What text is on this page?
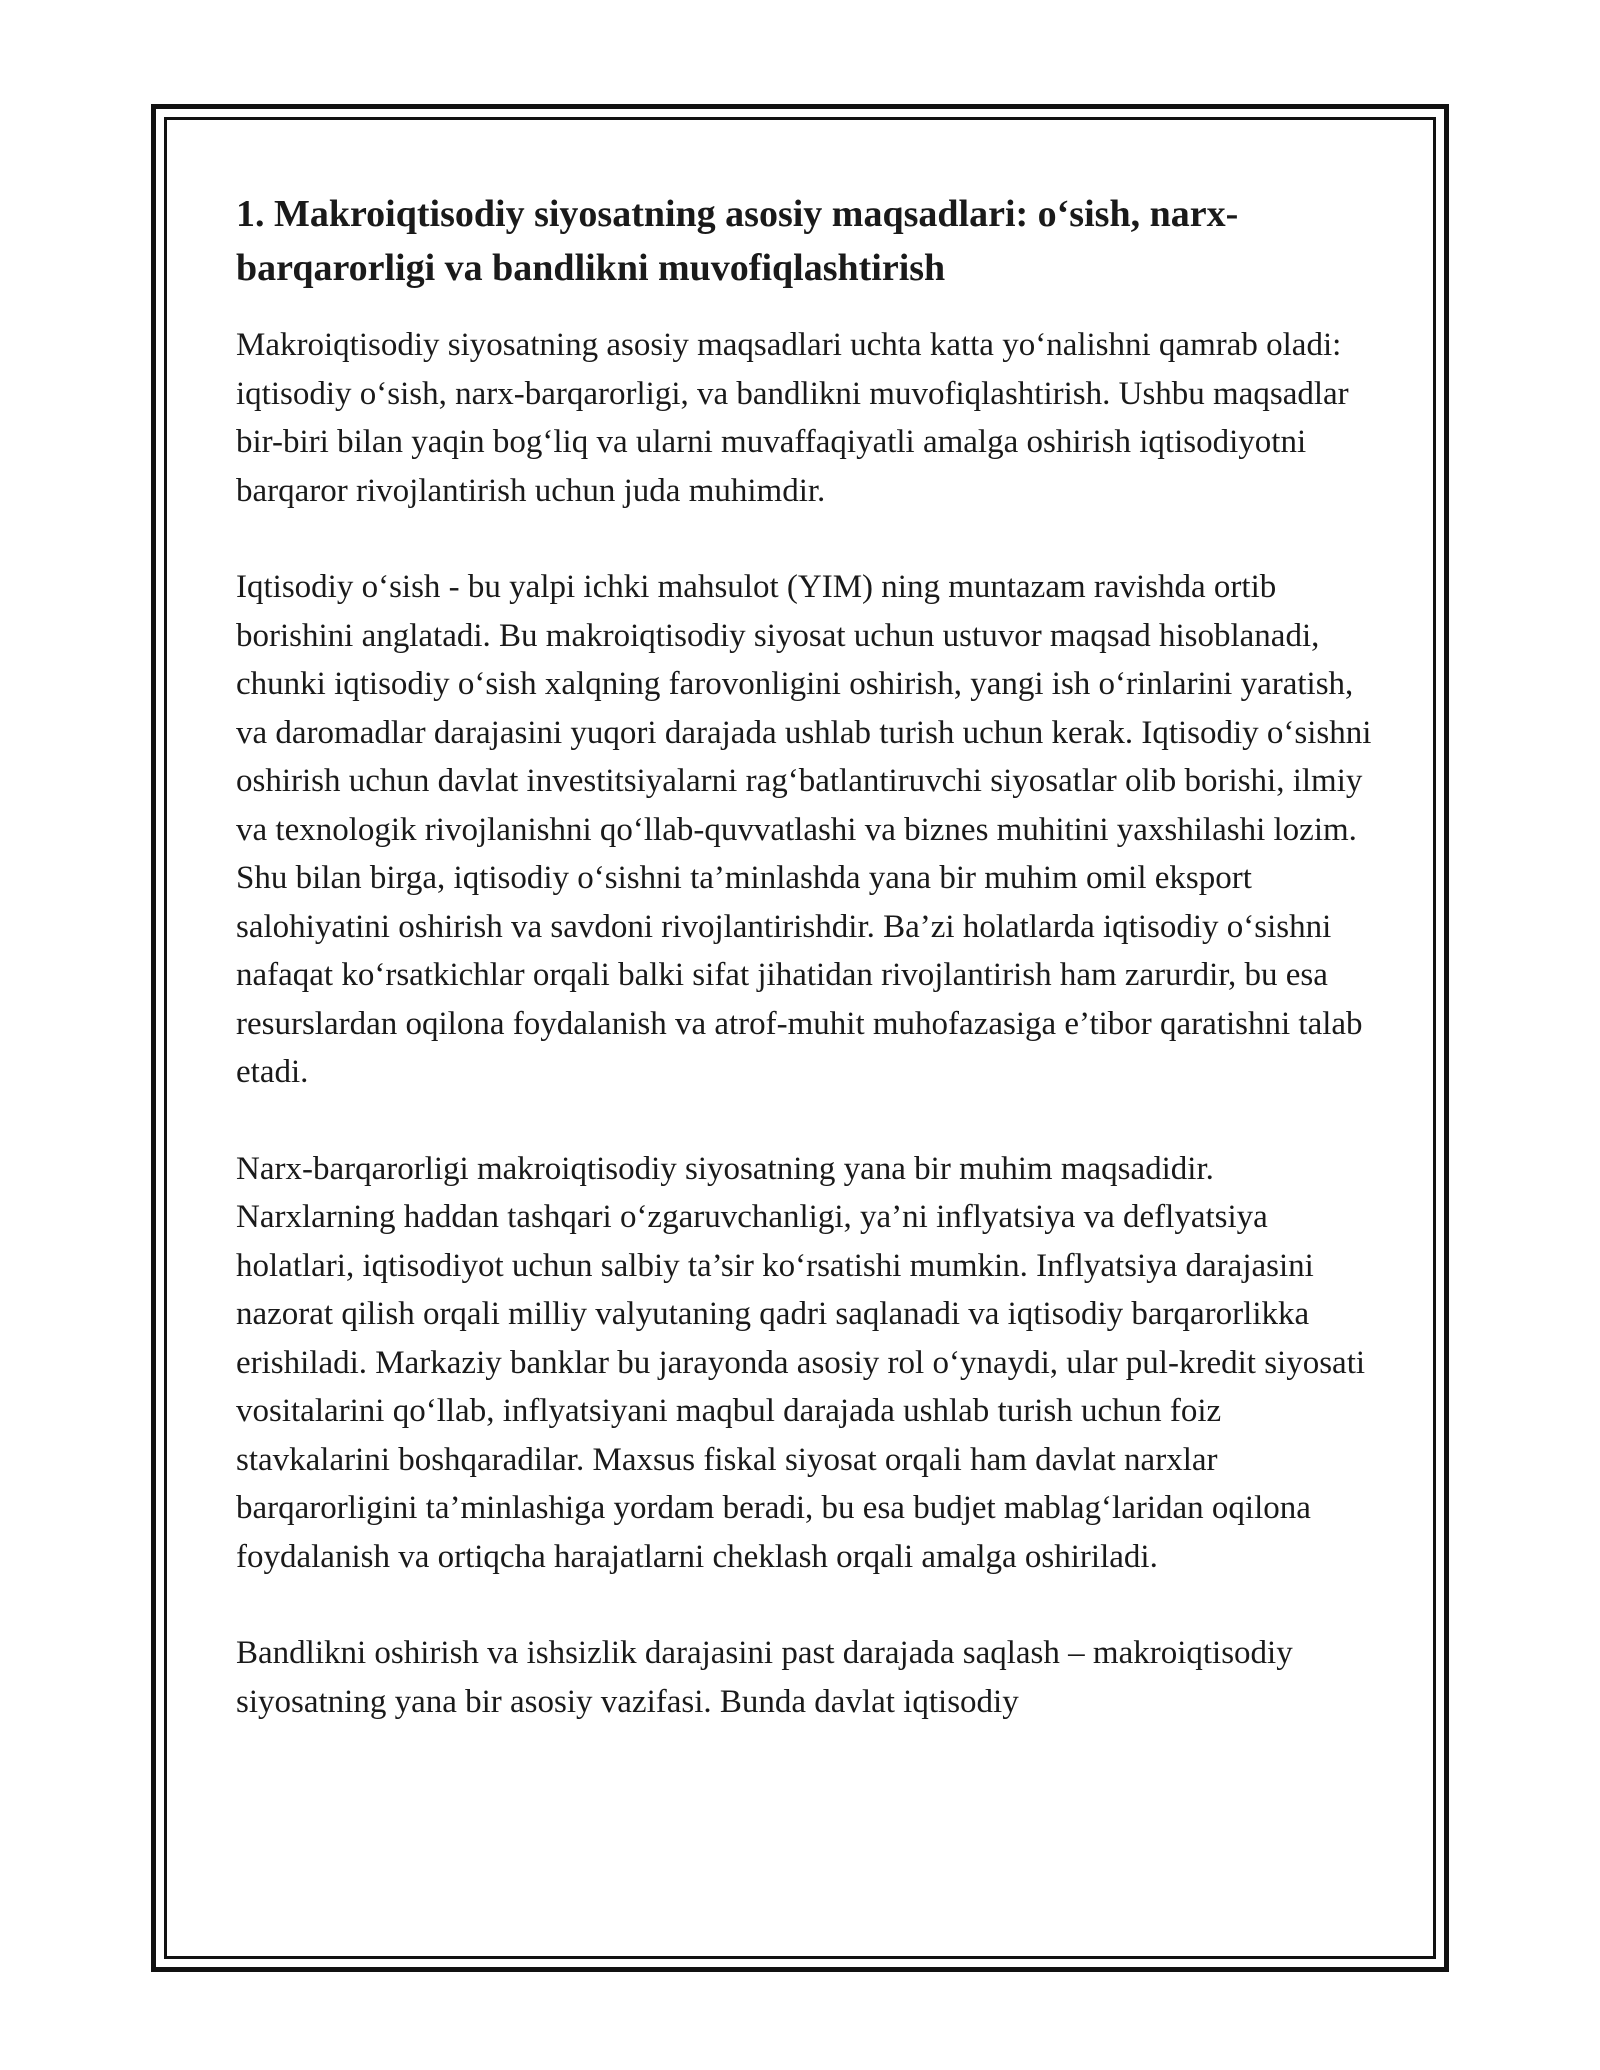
1. Makroiqtisodiy siyosatning asosiy maqsadlari: o‘sish, narx-barqarorligi va bandlikni muvofiqlashtirish

Makroiqtisodiy siyosatning asosiy maqsadlari uchta katta yo‘nalishni qamrab oladi: iqtisodiy o‘sish, narx-barqarorligi, va bandlikni muvofiqlashtirish. Ushbu maqsadlar bir-biri bilan yaqin bog‘liq va ularni muvaffaqiyatli amalga oshirish iqtisodiyotni barqaror rivojlantirish uchun juda muhimdir.

Iqtisodiy o‘sish - bu yalpi ichki mahsulot (YIM) ning muntazam ravishda ortib borishini anglatadi. Bu makroiqtisodiy siyosat uchun ustuvor maqsad hisoblanadi, chunki iqtisodiy o‘sish xalqning farovonligini oshirish, yangi ish o‘rinlarini yaratish, va daromadlar darajasini yuqori darajada ushlab turish uchun kerak. Iqtisodiy o‘sishni oshirish uchun davlat investitsiyalarni rag‘batlantiruvchi siyosatlar olib borishi, ilmiy va texnologik rivojlanishni qo‘llab-quvvatlashi va biznes muhitini yaxshilashi lozim. Shu bilan birga, iqtisodiy o‘sishni ta’minlashda yana bir muhim omil eksport salohiyatini oshirish va savdoni rivojlantirishdir. Ba’zi holatlarda iqtisodiy o‘sishni nafaqat ko‘rsatkichlar orqali balki sifat jihatidan rivojlantirish ham zarurdir, bu esa resurslardan oqilona foydalanish va atrof-muhit muhofazasiga e’tibor qaratishni talab etadi.

Narx-barqarorligi makroiqtisodiy siyosatning yana bir muhim maqsadidir. Narxlarning haddan tashqari o‘zgaruvchanligi, ya’ni inflyatsiya va deflyatsiya holatlari, iqtisodiyot uchun salbiy ta’sir ko‘rsatishi mumkin. Inflyatsiya darajasini nazorat qilish orqali milliy valyutaning qadri saqlanadi va iqtisodiy barqarorlikka erishiladi. Markaziy banklar bu jarayonda asosiy rol o‘ynaydi, ular pul-kredit siyosati vositalarini qo‘llab, inflyatsiyani maqbul darajada ushlab turish uchun foiz stavkalarini boshqaradilar. Maxsus fiskal siyosat orqali ham davlat narxlar barqarorligini ta’minlashiga yordam beradi, bu esa budjet mablag‘laridan oqilona foydalanish va ortiqcha harajatlarni cheklash orqali amalga oshiriladi.

Bandlikni oshirish va ishsizlik darajasini past darajada saqlash – makroiqtisodiy siyosatning yana bir asosiy vazifasi. Bunda davlat iqtisodiy
